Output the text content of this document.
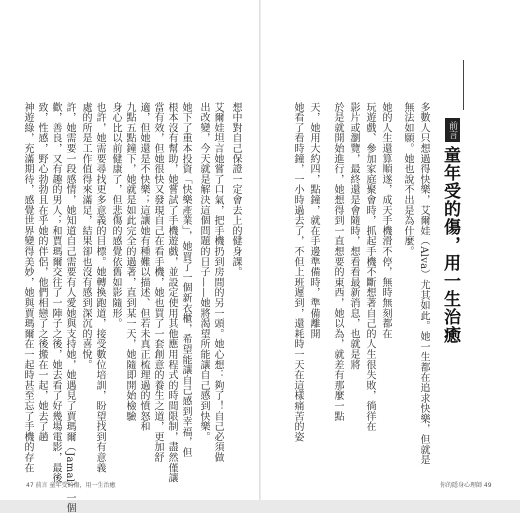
前言
童年受的傷，用一生治癒
多數人只想過得快樂，艾爾娃（Alva）尤其如此。她一生都在追求快樂，但就是
無法如願。她也說不出是為什麼。
她的人生還算順遂，成天手機滑不停，無時無刻都在
玩遊戲、參加家庭聚會時，抓起手機不斷想著自己的人生很失敗，徜徉在
影片或瀏覽，最終還是會隨時，想看看最新消息，也就是將
於是就開始進行，她想得到一直想要的東西，她以為，就差有那麼一點
天，她用大約四，點鐘，就在手邊準備時，準備離開
她看了看時鐘，一小時過去了，不但上班遲到，還耗時一天在這樣痛苦的姿
你的隱身心理師 49
想中對自己保證一定會去上的健身課。
艾爾娃坦言她嘗了口氣，把手機扔到房間的另一頭。她心想：夠了！自己必須做
出改變，今天就是解決這個問題的日子——她將渴望所能讓自己感到快樂。
她下了重本投資「快樂產業」，她買了一個新衣櫃，希望能讓自己感到幸福，但
根本沒有幫助，她嘗試了手機遊戲，並設定使用其他應用程式的時間限制，盡然僅讓
當有效，但她很快又發現自己在看手機，她也買了一套創意的養生之道，更加舒
適，但她還是不快樂；這讓她有種難以描述、但若未真正梳理過的憤怒和
九點五點鐘下，她就是如此完全的過著，直到某一天，她隨即開始檢驗
身心比以前健康了，但悲傷的感覺依舊如影隨形。
也許，她需要尋找更多意義的目標。她轉換跑道，接受數位培訓，盼望找到有意義
處的所是工作值得來滿足，結果卻也沒有感到深沉的喜悅。
許，她需要一段感情，她知道自己需要有人愛她與支持她，她遇見了賈瑪爾（Jamal）一個
歡，善良，又有趣的男人；和賈瑪爾交往了一陣子之後，她去看了好幾場電影，最後
致，性感，野心勃勃且在乎她的伴侶，他們相戀了之後搬在一起，她去了趟
神遊綠，充滿期待，感覺世界變得美妙，她與賈瑪爾在一起時甚至忘了手機的存在
47 前言 童年受的傷，用一生治癒
